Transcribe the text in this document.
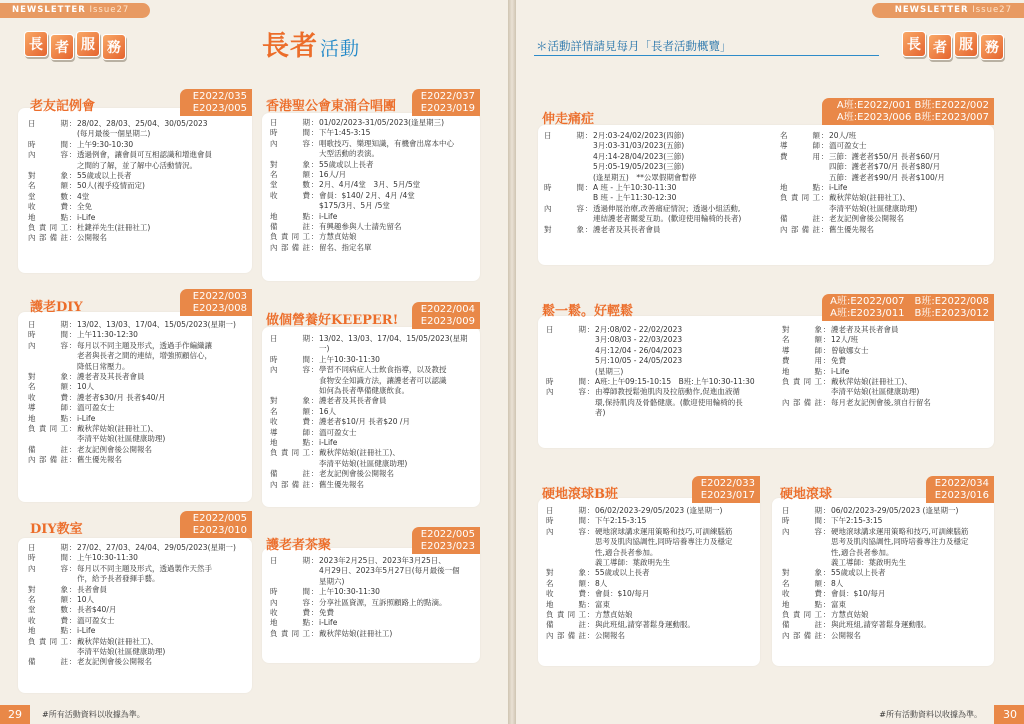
NEWSLETTER Issue27
長 者 服 務	長者 活動
29	#所有活動資料以收據為準。
老友記例會
E2022/035
E2023/005
日期 ： 28/02、28/03、25/04、30/05/2023
(每月最後一個星期二)
時間 ： 上午9:30-10:30
內容 ： 透過例會，讓會員可互相認識和增進會員
之間的了解，並了解中心活動情況。
對象 ： 55歲或以上長者
名額 ： 50人(視乎疫情而定)
堂數 ： 4堂
收費 ： 全免
地點 ： i-Life
負責同工 ： 杜鍵祥先生(註冊社工)
內部備註 ： 公開報名
護老DIY
E2022/003
E2023/008
日期 ： 13/02、13/03、17/04、15/05/2023(星期一)
時間 ： 上午11:30-12:30
內容 ： 每月以不同主題及形式，透過手作編織讓
老者與長者之間的連結，增強照顧信心，
降低日常壓力。
對象 ： 護老者及其長者會員
名額 ： 10人
收費 ： 護老者$30/月 長者$40/月
導師 ： 溫可盈女士
地點 ： i-Life
負責同工 ： 戴秋萍姑娘(註冊社工)、
李清平姑娘(社區健康助理)
備註 ： 老友記例會後公開報名
內部備註 ： 舊生優先報名
DIY教室
E2022/005
E2023/010
日期 ： 27/02、27/03、24/04、29/05/2023(星期一)
時間 ： 上午10:30-11:30
內容 ： 每月以不同主題及形式，透過製作天然手
作，給予長者發揮手藝。
對象 ： 長者會員
名額 ： 10人
堂數 ： 長者$40/月
收費 ： 溫可盈女士
地點 ： i-Life
負責同工 ： 戴秋萍姑娘(註冊社工)、
李清平姑娘(社區健康助理)
備註 ： 老友記例會後公開報名
香港聖公會東涌合唱團
E2022/037
E2023/019
日期 ： 01/02/2023-31/05/2023(逢星期三)
時間 ： 下午1:45-3:15
內容 ： 唱歌技巧、樂理知識，有機會出席本中心
大型活動的表演。
對象 ： 55歲或以上長者
名額 ： 16人/月
堂數 ： 2月、4月/4堂　3月、5月/5堂
收費 ： 會員：$140/ 2月、4月 /4堂
$175/3月、5月 /5堂
地點 ： i-Life
備註 ： 有興趣參與人士請先留名
負責同工 ： 方慧貞姑娘
內部備註 ： 留名、指定名單
做個營養好KEEPER!
E2022/004
E2023/009
日期 ： 13/02、13/03、17/04、15/05/2023(星期一)
時間 ： 上午10:30-11:30
內容 ： 學習不同病症人士飲食指導，以及教授
食物安全知識方法，讓護老者可以認識
如何為長者準備健康飲食。
對象 ： 護老者及其長者會員
名額 ： 16人
收費 ： 護老者$10/月 長者$20 /月
導師 ： 溫可盈女士
地點 ： i-Life
負責同工 ： 戴秋萍姑娘(註冊社工)、
李清平姑娘(社區健康助理)
備註 ： 老友記例會後公開報名
內部備註 ： 舊生優先報名
護老者茶聚
E2022/005
E2023/023
日期 ： 2023年2月25日、2023年3月25日、
4月29日、2023年5月27日(每月最後一個
星期六)
時間 ： 上午10:30-11:30
內容 ： 分享社區資源，互訴照顧路上的點滴。
收費 ： 免費
地點 ： i-Life
負責同工 ： 戴秋萍姑娘(註冊社工)
NEWSLETTER Issue27
＊活動詳情請見每月「長者活動概覽」	長 者 服 務
30
#所有活動資料以收據為準。
伸走痛症
A班:E2022/001 B班:E2022/002
A班:E2023/006 B班:E2023/007
日期 ： 2月:03-24/02/2023(四節)
3月:03-31/03/2023(五節)
4月:14-28/04/2023(三節)
5月:05-19/05/2023(三節)
(逢星期五)　**公眾假期會暫停
時間 ： A 班 - 上午10:30-11:30
B 班 - 上午11:30-12:30
內容 ： 透過伸展治療,改善痛症情況；透過小組活動,
連結護老者關愛互助。(歡迎使用輪椅的長者)
對象 ： 護老者及其長者會員
名額 ： 20人/班
導師 ： 溫可盈女士
費用 ： 三節：護老者$50/月 長者$60/月
四節：護老者$70/月 長者$80/月
五節：護老者$90/月 長者$100/月
地點 ： i-Life
負責同工 ： 戴秋萍姑娘(註冊社工)、
李清平姑娘(社區健康助理)
備註 ： 老友記例會後公開報名
內部備註 ： 舊生優先報名
鬆一鬆。好輕鬆
A班:E2022/007　B班:E2022/008
A班:E2023/011　B班:E2023/012
日期 ： 2月:08/02 - 22/02/2023
3月:08/03 - 22/03/2023
4月:12/04 - 26/04/2023
5月:10/05 - 24/05/2023
(星期三)
時間 ： A班:上午09:15-10:15　B班:上午10:30-11:30
內容 ： 由導師教授鬆弛肌肉及拉筋動作,促進血液循
環,保持肌肉及骨骼健康。(歡迎使用輪椅的長
者)
對象 ： 護老者及其長者會員
名額 ： 12人/班
導師 ： 曾敏娜女士
費用 ： 免費
地點 ： i-Life
負責同工 ： 戴秋萍姑娘(註冊社工)、
李清平姑娘(社區健康助理)
內部備註 ： 每月老友記例會後,須自行留名
硬地滾球B班
E2022/033
E2023/017
日期 ： 06/02/2023-29/05/2023 (逢星期一)
時間 ： 下午2:15-3:15
內容 ： 硬地滾球講求運用策略和技巧,可訓練腦筋
思考及肌肉協調性,同時培養專注力及穩定
性,適合長者參加。
義工導師：葉啟明先生
對象 ： 55歲或以上長者
名額 ： 8人
收費 ： 會員：$10/每月
地點 ： 富東
負責同工 ： 方慧貞姑娘
備註 ： 與此班組,請穿著鬆身運動服。
內部備註 ： 公開報名
硬地滾球
E2022/034
E2023/016
日期 ： 06/02/2023-29/05/2023 (逢星期一)
時間 ： 下午2:15-3:15
內容 ： 硬地滾球講求運用策略和技巧,可訓練腦筋
思考及肌肉協調性,同時培養專注力及穩定
性,適合長者參加。
義工導師：葉啟明先生
對象 ： 55歲或以上長者
名額 ： 8人
收費 ： 會員：$10/每月
地點 ： 富東
負責同工 ： 方慧貞姑娘
備註 ： 與此班組,請穿著鬆身運動服。
內部備註 ： 公開報名
